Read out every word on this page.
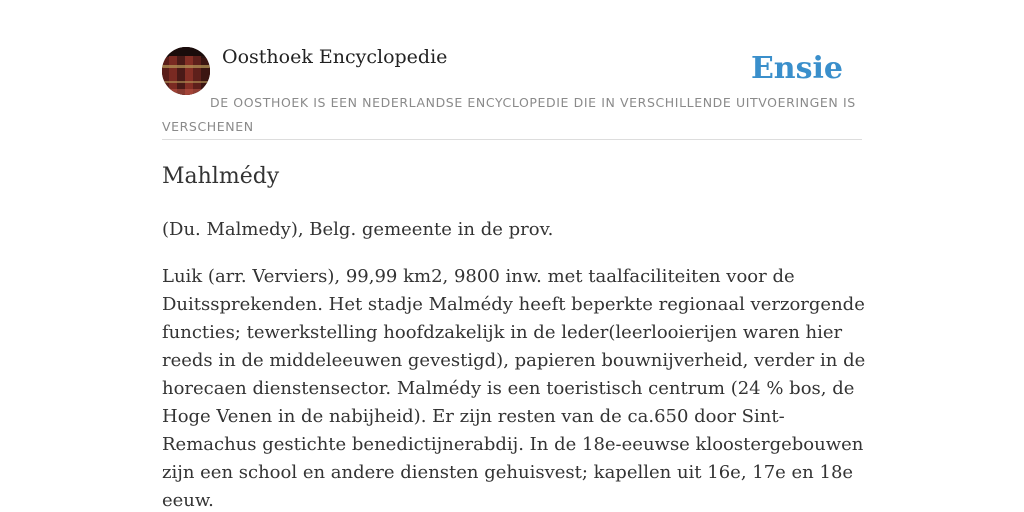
Oosthoek Encyclopedie	Ensie
DE OOSTHOEK IS EEN NEDERLANDSE ENCYCLOPEDIE DIE IN VERSCHILLENDE UITVOERINGEN IS VERSCHENEN
Mahlmédy

(Du. Malmedy), Belg. gemeente in de prov.

Luik (arr. Verviers), 99,99 km2, 9800 inw. met taalfaciliteiten voor de Duitssprekenden. Het stadje Malmédy heeft beperkte regionaal verzorgende functies; tewerkstelling hoofdzakelijk in de leder(leerlooierijen waren hier reeds in de middeleeuwen gevestigd), papieren bouwnijverheid, verder in de horecaen dienstensector. Malmédy is een toeristisch centrum (24 % bos, de Hoge Venen in de nabijheid). Er zijn resten van de ca.650 door Sint-Remachus gestichte benedictijnerabdij. In de 18e-eeuwse kloostergebouwen zijn een school en andere diensten gehuisvest; kapellen uit 16e, 17e en 18e eeuw.
